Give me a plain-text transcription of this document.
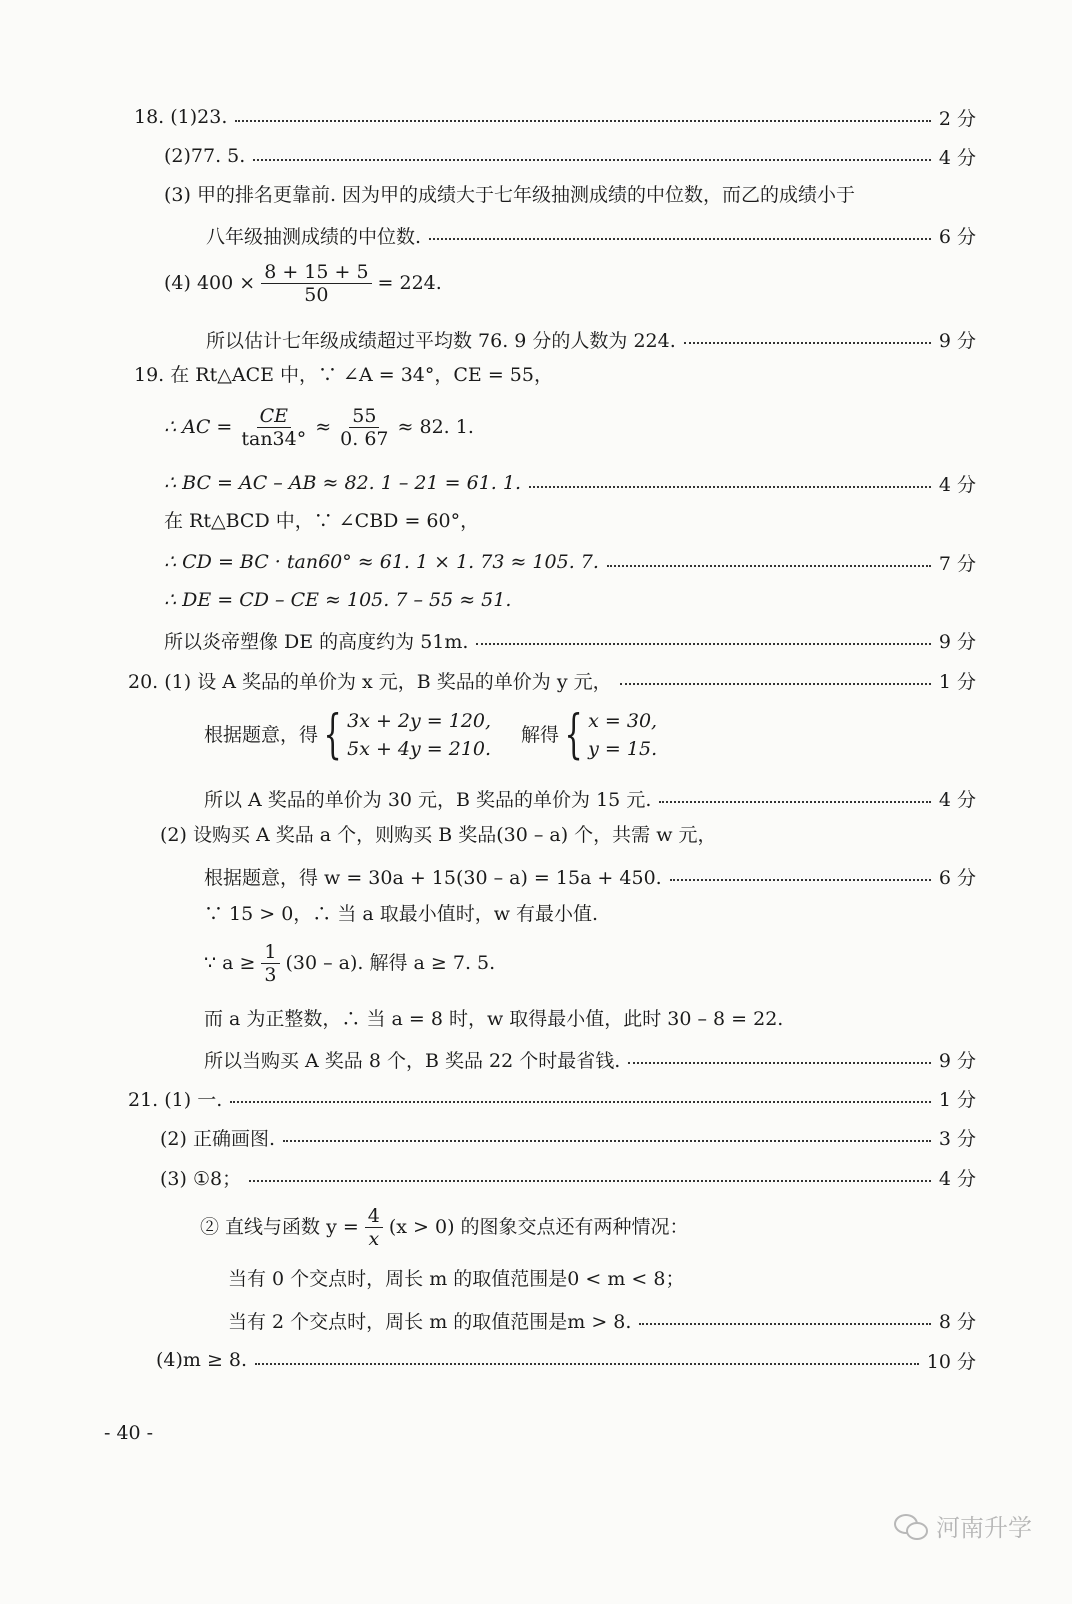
18. (1)23.	2 分
(2)77. 5.	4 分
(3) 甲的排名更靠前. 因为甲的成绩大于七年级抽测成绩的中位数，而乙的成绩小于
八年级抽测成绩的中位数.	6 分
(4) $400 \times \frac{8 + 15 + 5}{50} = 224$.
所以估计七年级成绩超过平均数 76. 9 分的人数为 224.	9 分
19. 在 Rt△ACE 中，∵ ∠A = 34°，CE = 55，
∴ AC = $\frac{CE}{\tan 34^\circ} \approx \frac{55}{0. 67} \approx 82$. 1.
∴ BC = AC – AB ≈ 82. 1 – 21 = 61. 1.	4 分
在 Rt△BCD 中，∵ ∠CBD = 60°，
∴ CD = BC · tan60° ≈ 61. 1 × 1. 73 ≈ 105. 7.	7 分
∴ DE = CD – CE ≈ 105. 7 – 55 ≈ 51.
所以炎帝塑像 DE 的高度约为 51m.	9 分
20. (1) 设 A 奖品的单价为 x 元，B 奖品的单价为 y 元，	1 分
根据题意，得 { 3x + 2y = 120,
5x + 4y = 210.
解得 { x = 30,
y = 15.
所以 A 奖品的单价为 30 元，B 奖品的单价为 15 元.	4 分
(2) 设购买 A 奖品 a 个，则购买 B 奖品(30 – a) 个，共需 w 元，
根据题意，得 w = 30a + 15(30 – a) = 15a + 450.	6 分
∵ 15 > 0，∴ 当 a 取最小值时，w 有最小值.
∵ $a \ge \frac{1}{3} (30 - a)$. 解得 a ≥ 7. 5.
而 a 为正整数，∴ 当 a = 8 时，w 取得最小值，此时 30 – 8 = 22.
所以当购买 A 奖品 8 个，B 奖品 22 个时最省钱.	9 分
21. (1) 一.	1 分
(2) 正确画图.	3 分
(3) ①8；	4 分
② 直线与函数 $y = \frac{4}{x} (x > 0)$ 的图象交点还有两种情况：
当有 0 个交点时，周长 m 的取值范围是0 < m < 8；
当有 2 个交点时，周长 m 的取值范围是m > 8.	8 分
(4)m ≥ 8.	10 分
- 40 -
河南升学
